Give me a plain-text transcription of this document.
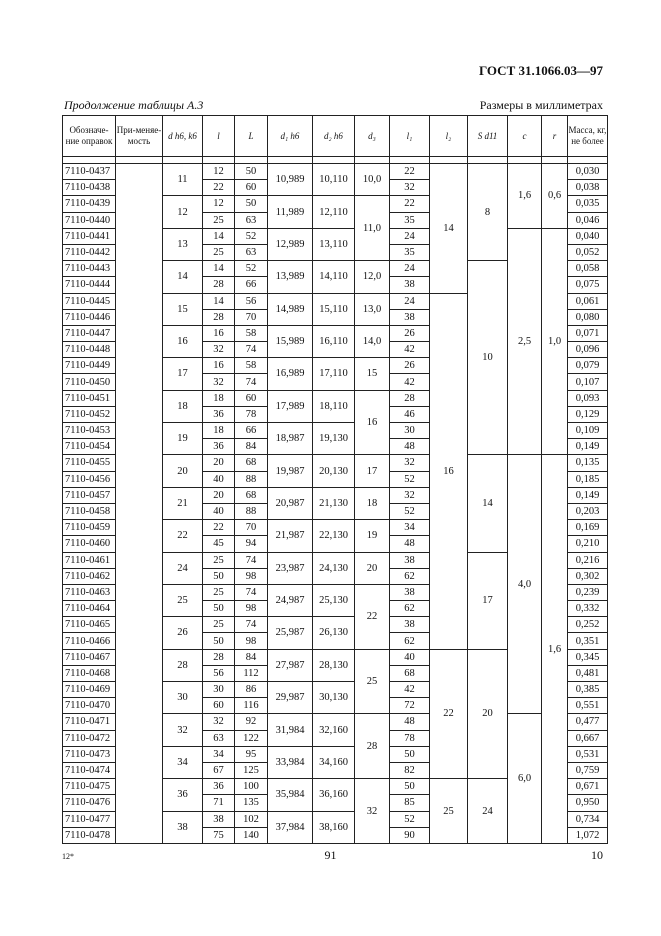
ГОСТ 31.1066.03—97
Продолжение таблицы А.3	Размеры в миллиметрах
Обозначе-ние оправок	При-меняе-мость	d h6, k6	l	L	d₁ h6	d₂ h6	d₃	l₁	l₂	S d11	c	r	Масса, кг, не более

7110-0437		11	12	50	10,989	10,110	10,0	22	14	8	1,6	0,6	0,030
7110-0438			22	60				32					0,038
7110-0439		12	12	50	11,989	12,110	11,0	22					0,035
7110-0440			25	63				35					0,046
7110-0441		13	14	52	12,989	13,110		24			2,5	1,0	0,040
7110-0442			25	63				35					0,052
7110-0443		14	14	52	13,989	14,110	12,0	24		10			0,058
7110-0444			28	66				38					0,075
7110-0445		15	14	56	14,989	15,110	13,0	24	16				0,061
7110-0446			28	70				38					0,080
7110-0447		16	16	58	15,989	16,110	14,0	26					0,071
7110-0448			32	74				42					0,096
7110-0449		17	16	58	16,989	17,110	15	26					0,079
7110-0450			32	74				42					0,107
7110-0451		18	18	60	17,989	18,110	16	28					0,093
7110-0452			36	78				46					0,129
7110-0453		19	18	66	18,987	19,130		30					0,109
7110-0454			36	84				48					0,149
7110-0455		20	20	68	19,987	20,130	17	32		14	4,0	1,6	0,135
7110-0456			40	88				52					0,185
7110-0457		21	20	68	20,987	21,130	18	32					0,149
7110-0458			40	88				52					0,203
7110-0459		22	22	70	21,987	22,130	19	34					0,169
7110-0460			45	94				48					0,210
7110-0461		24	25	74	23,987	24,130	20	38		17			0,216
7110-0462			50	98				62					0,302
7110-0463		25	25	74	24,987	25,130	22	38					0,239
7110-0464			50	98				62					0,332
7110-0465		26	25	74	25,987	26,130		38					0,252
7110-0466			50	98				62					0,351
7110-0467		28	28	84	27,987	28,130	25	40	22	20			0,345
7110-0468			56	112				68					0,481
7110-0469		30	30	86	29,987	30,130		42					0,385
7110-0470			60	116				72					0,551
7110-0471		32	32	92	31,984	32,160	28	48			6,0		0,477
7110-0472			63	122				78					0,667
7110-0473		34	34	95	33,984	34,160		50					0,531
7110-0474			67	125				82					0,759
7110-0475		36	36	100	35,984	36,160	32	50	25	24			0,671
7110-0476			71	135				85					0,950
7110-0477		38	38	102	37,984	38,160		52					0,734
7110-0478			75	140				90					1,072
12*	91	10
